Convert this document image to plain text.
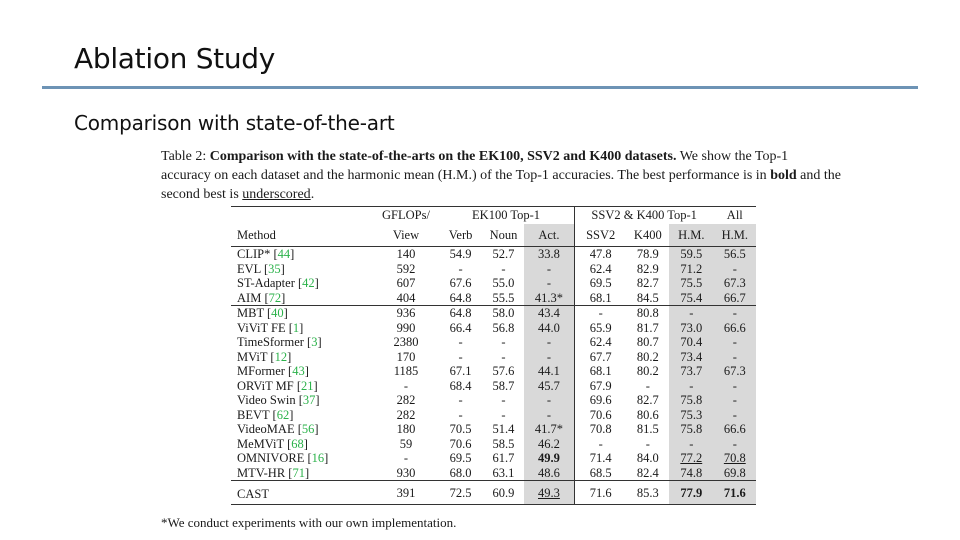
Ablation Study
Comparison with state-of-the-art
Table 2: Comparison with the state-of-the-arts on the EK100, SSV2 and K400 datasets. We show the Top-1 accuracy on each dataset and the harmonic mean (H.M.) of the Top-1 accuracies. The best performance is in bold and the second best is underscored.
	GFLOPs/	EK100 Top-1			SSV2 & K400 Top-1			All
Method	View	Verb	Noun	Act.	SSV2	K400	H.M.	H.M.
CLIP* [44]	140	54.9	52.7	33.8	47.8	78.9	59.5	56.5
EVL [35]	592	-	-	-	62.4	82.9	71.2	-
ST-Adapter [42]	607	67.6	55.0	-	69.5	82.7	75.5	67.3
AIM [72]	404	64.8	55.5	41.3*	68.1	84.5	75.4	66.7
MBT [40]	936	64.8	58.0	43.4	-	80.8	-	-
ViViT FE [1]	990	66.4	56.8	44.0	65.9	81.7	73.0	66.6
TimeSformer [3]	2380	-	-	-	62.4	80.7	70.4	-
MViT [12]	170	-	-	-	67.7	80.2	73.4	-
MFormer [43]	1185	67.1	57.6	44.1	68.1	80.2	73.7	67.3
ORViT MF [21]	-	68.4	58.7	45.7	67.9	-	-	-
Video Swin [37]	282	-	-	-	69.6	82.7	75.8	-
BEVT [62]	282	-	-	-	70.6	80.6	75.3	-
VideoMAE [56]	180	70.5	51.4	41.7*	70.8	81.5	75.8	66.6
MeMViT [68]	59	70.6	58.5	46.2	-	-	-	-
OMNIVORE [16]	-	69.5	61.7	49.9	71.4	84.0	77.2	70.8
MTV-HR [71]	930	68.0	63.1	48.6	68.5	82.4	74.8	69.8
CAST	391	72.5	60.9	49.3	71.6	85.3	77.9	71.6
*We conduct experiments with our own implementation.
